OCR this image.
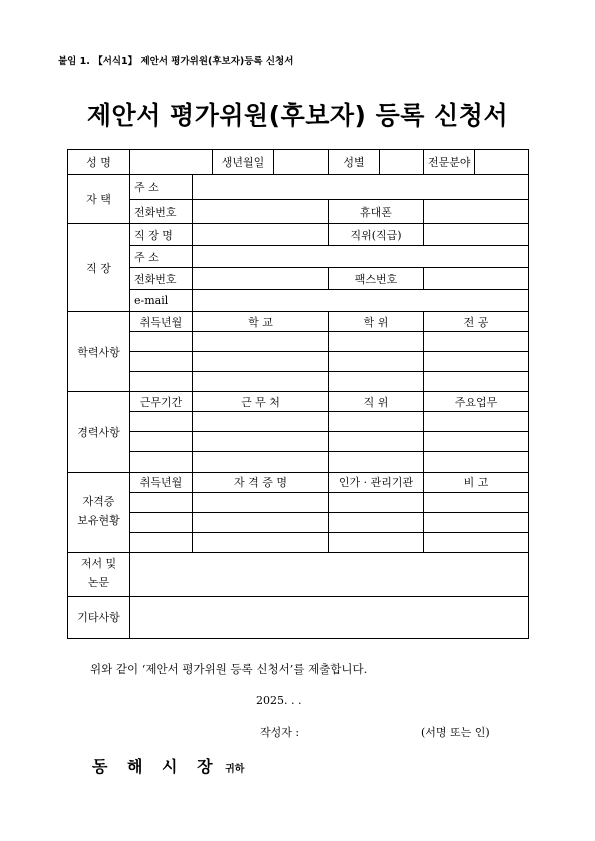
붙임 1. 【서식1】 제안서 평가위원(후보자)등록 신청서
제안서 평가위원(후보자) 등록 신청서
성 명			생년월일		성별		전문분야	
자 택	주 소							
	전화번호				휴대폰			
직 장	직 장 명				직위(직급)			
	주 소							
	전화번호				팩스번호			
	e-mail							
학력사항	취득년월	학 교			학 위		전 공	

경력사항	근무기간	근 무 처			직 위		주요업무	

자격증
보유현황	취득년월	자 격 증 명			인가 · 관리기관		비 고	

저서 및
논문								
기타사항								
위와 같이 ‘제안서 평가위원 등록 신청서’를 제출합니다.
2025. . .
작성자 :	(서명 또는 인)
동 해 시 장 귀하
